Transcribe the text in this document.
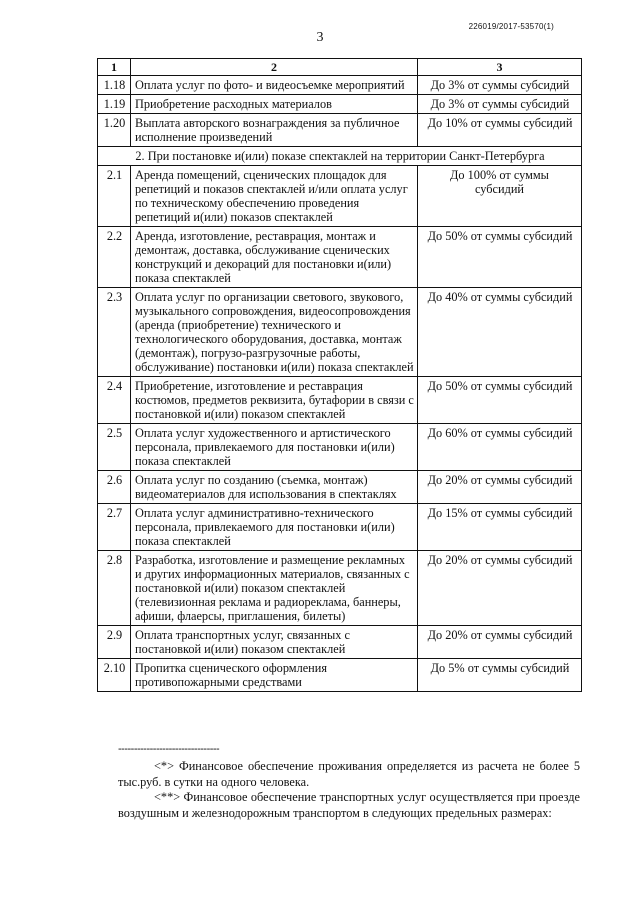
226019/2017-53570(1)
3
1	2	3
1.18	Оплата услуг по фото- и видеосъемке мероприятий	До 3% от суммы субсидий
1.19	Приобретение расходных материалов	До 3% от суммы субсидий
1.20	Выплата авторского вознаграждения за публичное исполнение произведений	До 10% от суммы субсидий
2. При постановке и(или) показе спектаклей на территории Санкт-Петербурга		
2.1	Аренда помещений, сценических площадок для репетиций и показов спектаклей и/или оплата услуг по техническому обеспечению проведения репетиций и(или) показов спектаклей	До 100% от суммы субсидий
2.2	Аренда, изготовление, реставрация, монтаж и демонтаж, доставка, обслуживание сценических конструкций и декораций для постановки и(или) показа спектаклей	До 50% от суммы субсидий
2.3	Оплата услуг по организации светового, звукового, музыкального сопровождения, видеосопровождения (аренда (приобретение) технического и технологического оборудования, доставка, монтаж (демонтаж), погрузо-разгрузочные работы, обслуживание) постановки и(или) показа спектаклей	До 40% от суммы субсидий
2.4	Приобретение, изготовление и реставрация костюмов, предметов реквизита, бутафории в связи с постановкой и(или) показом спектаклей	До 50% от суммы субсидий
2.5	Оплата услуг художественного и артистического персонала, привлекаемого для постановки и(или) показа спектаклей	До 60% от суммы субсидий
2.6	Оплата услуг по созданию (съемка, монтаж) видеоматериалов для использования в спектаклях	До 20% от суммы субсидий
2.7	Оплата услуг административно-технического персонала, привлекаемого для постановки и(или) показа спектаклей	До 15% от суммы субсидий
2.8	Разработка, изготовление и размещение рекламных и других информационных материалов, связанных с постановкой и(или) показом спектаклей (телевизионная реклама и радиореклама, баннеры, афиши, флаерсы, приглашения, билеты)	До 20% от суммы субсидий
2.9	Оплата транспортных услуг, связанных с постановкой и(или) показом спектаклей	До 20% от суммы субсидий
2.10	Пропитка сценического оформления противопожарными средствами	До 5% от суммы субсидий
--------------------------------
<*> Финансовое обеспечение проживания определяется из расчета не более 5 тыс.руб. в сутки на одного человека.
<**> Финансовое обеспечение транспортных услуг осуществляется при проезде воздушным и железнодорожным транспортом в следующих предельных размерах:
